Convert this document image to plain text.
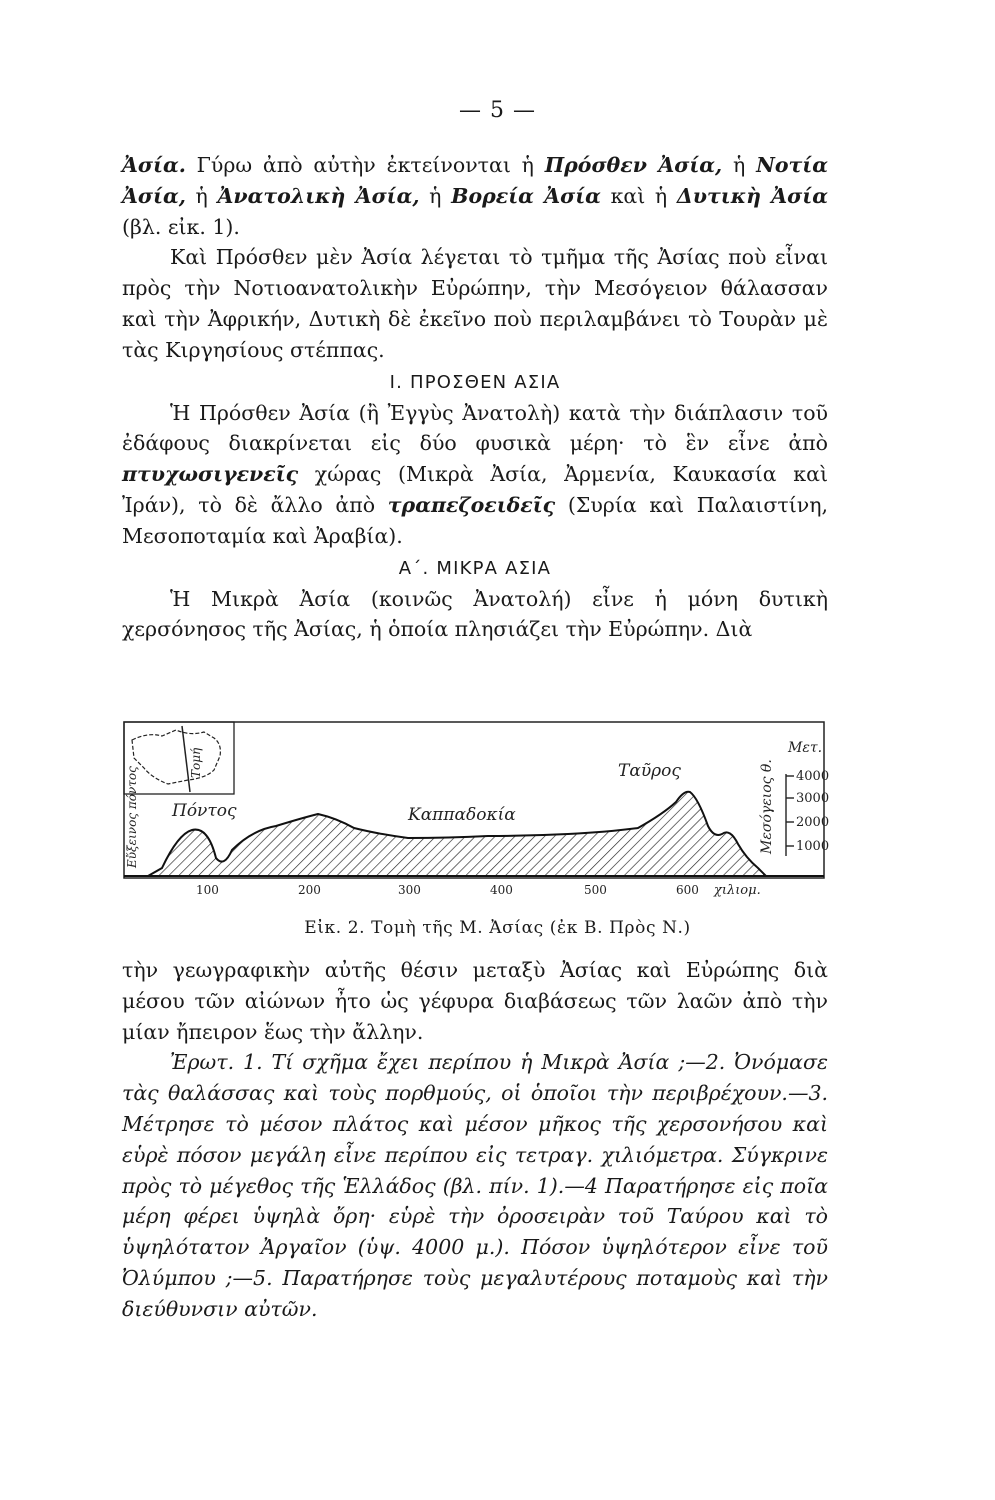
— 5 —

Ἀσία. Γύρω ἀπὸ αὐτὴν ἐκτείνονται ἡ Πρόσθεν Ἀσία, ἡ Νοτία Ἀσία, ἡ Ἀνατολικὴ Ἀσία, ἡ Βορεία Ἀσία καὶ ἡ Δυτικὴ Ἀσία (βλ. εἰκ. 1).

Καὶ Πρόσθεν μὲν Ἀσία λέγεται τὸ τμῆμα τῆς Ἀσίας ποὺ εἶναι πρὸς τὴν Νοτιοανατολικὴν Εὐρώπην, τὴν Μεσόγειον θάλασσαν καὶ τὴν Ἀφρικήν, Δυτικὴ δὲ ἐκεῖνο ποὺ περιλαμβάνει τὸ Τουρὰν μὲ τὰς Κιργησίους στέππας.

Ι. ΠΡΟΣΘΕΝ ΑΣΙΑ

Ἡ Πρόσθεν Ἀσία (ἢ Ἐγγὺς Ἀνατολὴ) κατὰ τὴν διάπλασιν τοῦ ἐδάφους διακρίνεται εἰς δύο φυσικὰ μέρη· τὸ ἓν εἶνε ἀπὸ πτυχωσιγενεῖς χώρας (Μικρὰ Ἀσία, Ἀρμενία, Καυκασία καὶ Ἰράν), τὸ δὲ ἄλλο ἀπὸ τραπεζοειδεῖς (Συρία καὶ Παλαιστίνη, Μεσοποταμία καὶ Ἀραβία).

Α΄. ΜΙΚΡΑ ΑΣΙΑ

Ἡ Μικρὰ Ἀσία (κοινῶς Ἀνατολή) εἶνε ἡ μόνη δυτικὴ χερσόνησος τῆς Ἀσίας, ἡ ὁποία πλησιάζει τὴν Εὐρώπην. Διὰ

Τομή
Εὔξεινος πόντος	Μεσόγειος θ. 4000
3000
2000
1000
Μετ.
Πόντος	Καππαδοκία
Ταῦρος
100	200	300	400	500	600 χιλιομ.
Εἰκ. 2. Τομὴ τῆς Μ. Ἀσίας (ἐκ Β. Πρὸς Ν.)

τὴν γεωγραφικὴν αὐτῆς θέσιν μεταξὺ Ἀσίας καὶ Εὐρώπης διὰ μέσου τῶν αἰώνων ἦτο ὡς γέφυρα διαβάσεως τῶν λαῶν ἀπὸ τὴν μίαν ἤπειρον ἕως τὴν ἄλλην.

Ἐρωτ. 1. Τί σχῆμα ἔχει περίπου ἡ Μικρὰ Ἀσία ;—2. Ὀνόμασε τὰς θαλάσσας καὶ τοὺς πορθμούς, οἱ ὁποῖοι τὴν περιβρέχουν.—3. Μέτρησε τὸ μέσον πλάτος καὶ μέσον μῆκος τῆς χερσονήσου καὶ εὑρὲ πόσον μεγάλη εἶνε περίπου εἰς τετραγ. χιλιόμετρα. Σύγκρινε πρὸς τὸ μέγεθος τῆς Ἑλλάδος (βλ. πίν. 1).—4 Παρατήρησε εἰς ποῖα μέρη φέρει ὑψηλὰ ὄρη· εὑρὲ τὴν ὀροσειρὰν τοῦ Ταύρου καὶ τὸ ὑψηλότατον Ἀργαῖον (ὑψ. 4000 μ.). Πόσον ὑψηλότερον εἶνε τοῦ Ὀλύμπου ;—5. Παρατήρησε τοὺς μεγαλυτέρους ποταμοὺς καὶ τὴν διεύθυνσιν αὐτῶν.
